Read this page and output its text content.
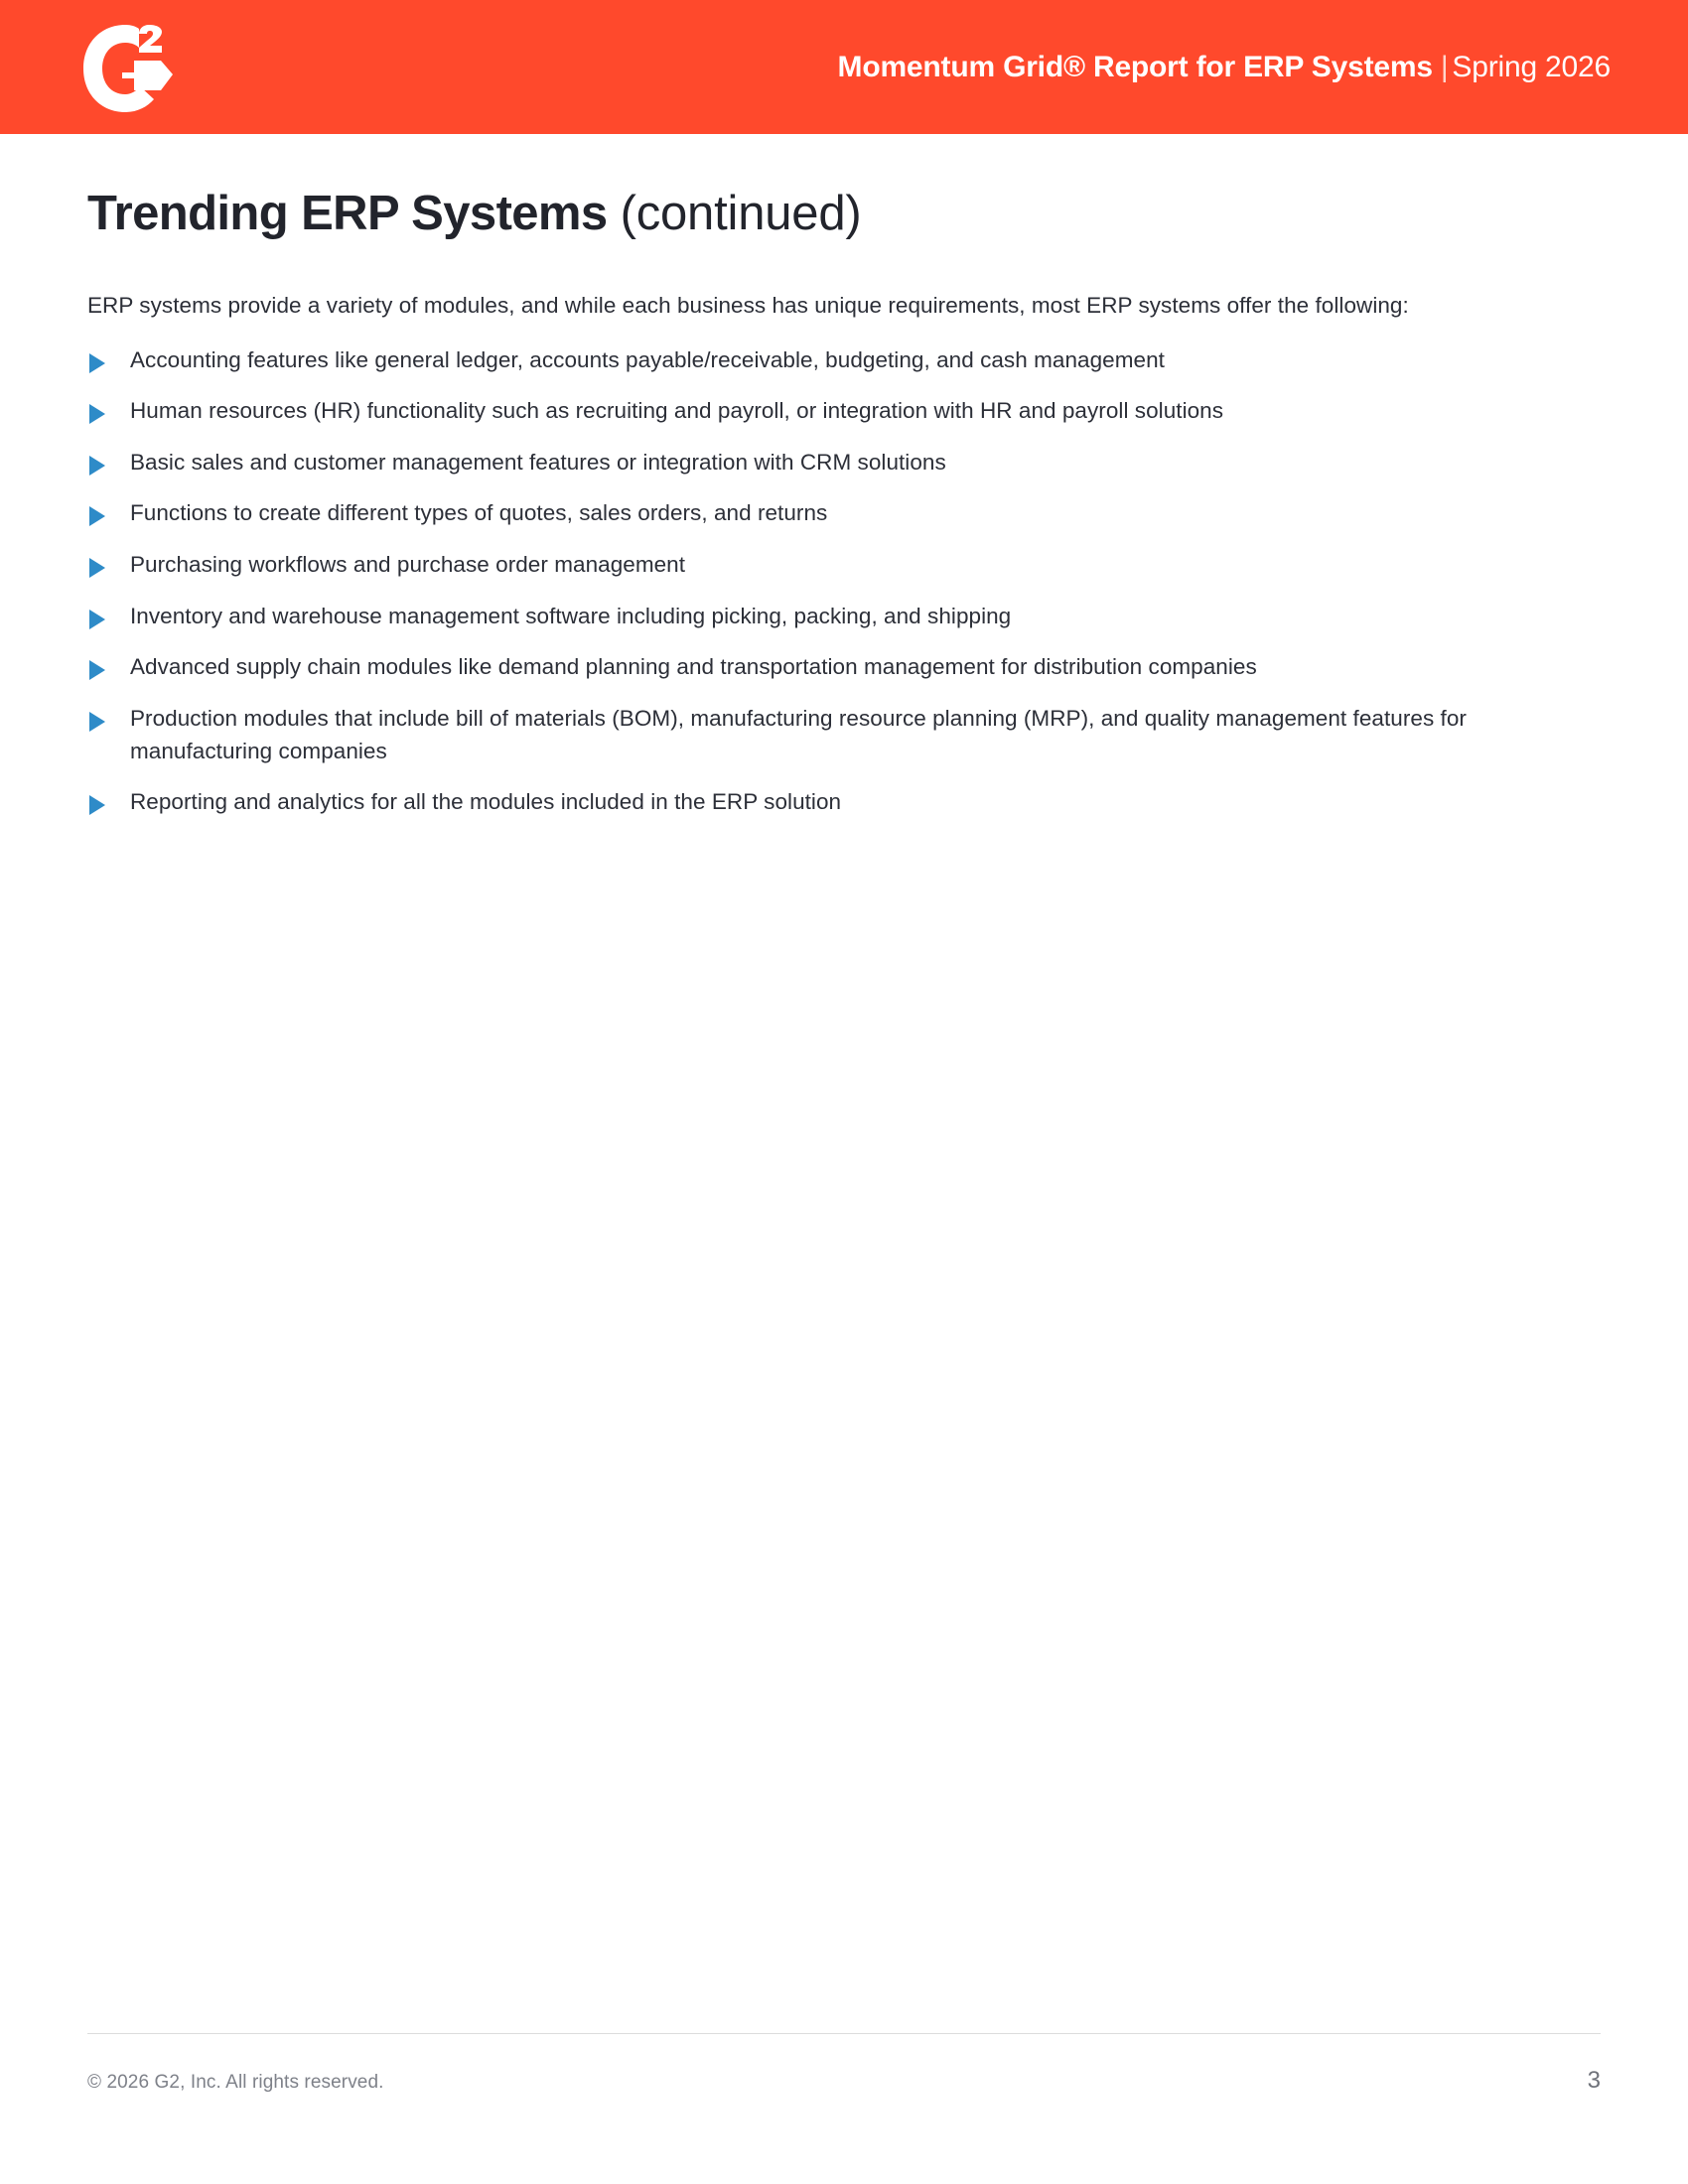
Momentum Grid® Report for ERP Systems | Spring 2026
Trending ERP Systems (continued)

ERP systems provide a variety of modules, and while each business has unique requirements, most ERP systems offer the following:

Accounting features like general ledger, accounts payable/receivable, budgeting, and cash management
Human resources (HR) functionality such as recruiting and payroll, or integration with HR and payroll solutions
Basic sales and customer management features or integration with CRM solutions
Functions to create different types of quotes, sales orders, and returns
Purchasing workflows and purchase order management
Inventory and warehouse management software including picking, packing, and shipping
Advanced supply chain modules like demand planning and transportation management for distribution companies
Production modules that include bill of materials (BOM), manufacturing resource planning (MRP), and quality management features for manufacturing companies
Reporting and analytics for all the modules included in the ERP solution
© 2026 G2, Inc. All rights reserved.	3
